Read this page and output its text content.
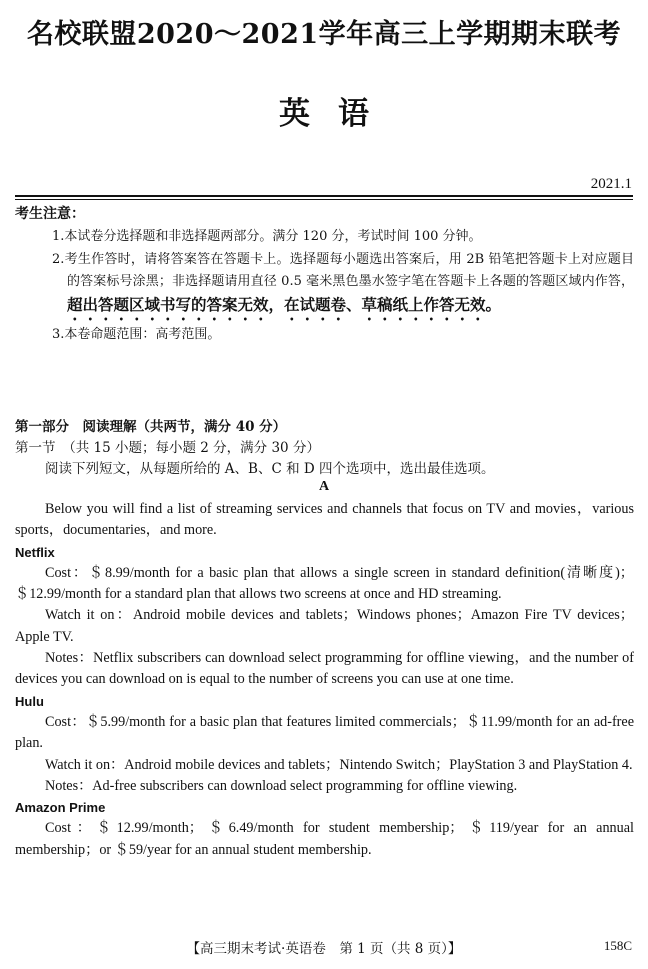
名校联盟2020～2021学年高三上学期期末联考
英语
2021.1
考生注意：
1.本试卷分选择题和非选择题两部分。满分 120 分，考试时间 100 分钟。
2.考生作答时，请将答案答在答题卡上。选择题每小题选出答案后，用 2B 铅笔把答题卡上对应题目的答案标号涂黑；非选择题请用直径 0.5 毫米黑色墨水签字笔在答题卡上各题的答题区域内作答，超出答题区域书写的答案无效，在试题卷、草稿纸上作答无效。
3.本卷命题范围：高考范围。
第一部分　阅读理解（共两节，满分 40 分）
第一节　（共 15 小题；每小题 2 分，满分 30 分）
阅读下列短文，从每题所给的 A、B、C 和 D 四个选项中，选出最佳选项。
A

Below you will find a list of streaming services and channels that focus on TV and movies，various sports，documentaries，and more.

Netflix

Cost：＄8.99/month for a basic plan that allows a single screen in standard definition(清晰度)；＄12.99/month for a standard plan that allows two screens at once and HD streaming.

Watch it on：Android mobile devices and tablets；Windows phones；Amazon Fire TV devices；Apple TV.

Notes：Netflix subscribers can download select programming for offline viewing，and the number of devices you can download on is equal to the number of screens you can use at one time.

Hulu

Cost：＄5.99/month for a basic plan that features limited commercials；＄11.99/month for an ad-free plan.

Watch it on：Android mobile devices and tablets；Nintendo Switch；PlayStation 3 and PlayStation 4.

Notes：Ad-free subscribers can download select programming for offline viewing.

Amazon Prime

Cost：＄12.99/month；＄6.49/month for student membership；＄119/year for an annual membership；or ＄59/year for an annual student membership.

【高三期末考试·英语卷　第 1 页（共 8 页）】	158C
